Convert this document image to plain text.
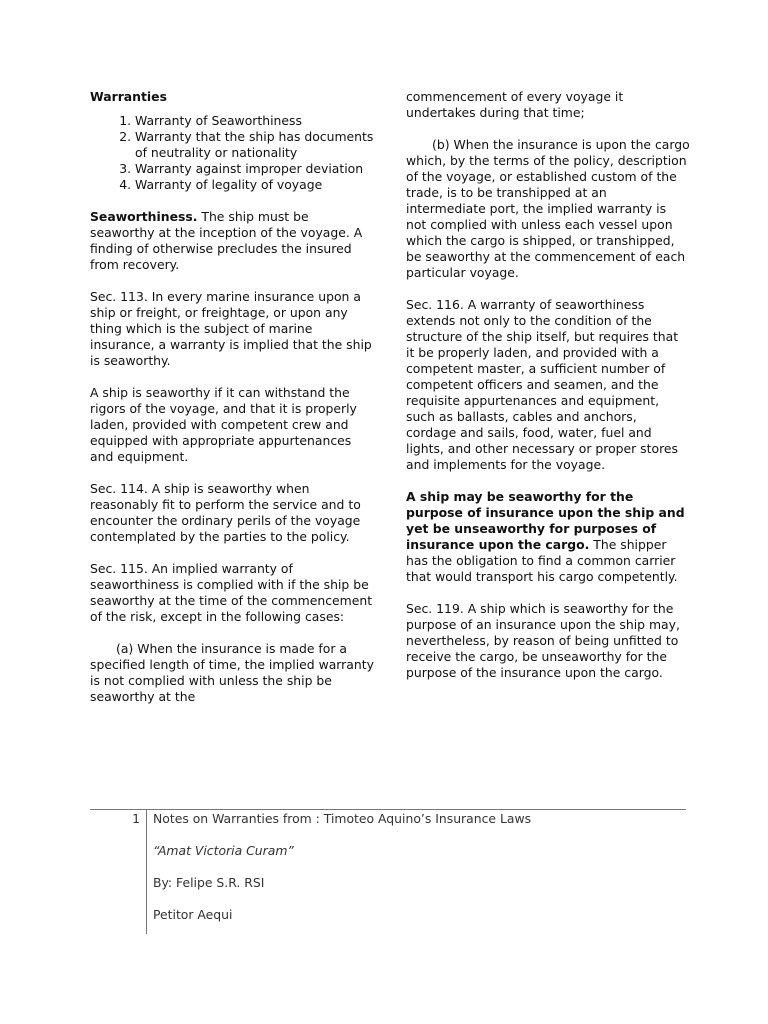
Warranties

1. Warranty of Seaworthiness
2. Warranty that the ship has documents of neutrality or nationality
3. Warranty against improper deviation
4. Warranty of legality of voyage

Seaworthiness. The ship must be seaworthy at the inception of the voyage. A finding of otherwise precludes the insured from recovery.

Sec. 113. In every marine insurance upon a ship or freight, or freightage, or upon any thing which is the subject of marine insurance, a warranty is implied that the ship is seaworthy.

A ship is seaworthy if it can withstand the rigors of the voyage, and that it is properly laden, provided with competent crew and equipped with appropriate appurtenances and equipment.

Sec. 114. A ship is seaworthy when reasonably fit to perform the service and to encounter the ordinary perils of the voyage contemplated by the parties to the policy.

Sec. 115. An implied warranty of seaworthiness is complied with if the ship be seaworthy at the time of the commencement of the risk, except in the following cases:

(a) When the insurance is made for a specified length of time, the implied warranty is not complied with unless the ship be seaworthy at the

commencement of every voyage it undertakes during that time;

(b) When the insurance is upon the cargo which, by the terms of the policy, description of the voyage, or established custom of the trade, is to be transhipped at an intermediate port, the implied warranty is not complied with unless each vessel upon which the cargo is shipped, or transhipped, be seaworthy at the commencement of each particular voyage.

Sec. 116. A warranty of seaworthiness extends not only to the condition of the structure of the ship itself, but requires that it be properly laden, and provided with a competent master, a sufficient number of competent officers and seamen, and the requisite appurtenances and equipment, such as ballasts, cables and anchors, cordage and sails, food, water, fuel and lights, and other necessary or proper stores and implements for the voyage.

A ship may be seaworthy for the purpose of insurance upon the ship and yet be unseaworthy for purposes of insurance upon the cargo. The shipper has the obligation to find a common carrier that would transport his cargo competently.

Sec. 119. A ship which is seaworthy for the purpose of an insurance upon the ship may, nevertheless, by reason of being unfitted to receive the cargo, be unseaworthy for the purpose of the insurance upon the cargo.

1 Notes on Warranties from : Timoteo Aquino’s Insurance Laws

“Amat Victoria Curam”

By: Felipe S.R. RSI

Petitor Aequi
